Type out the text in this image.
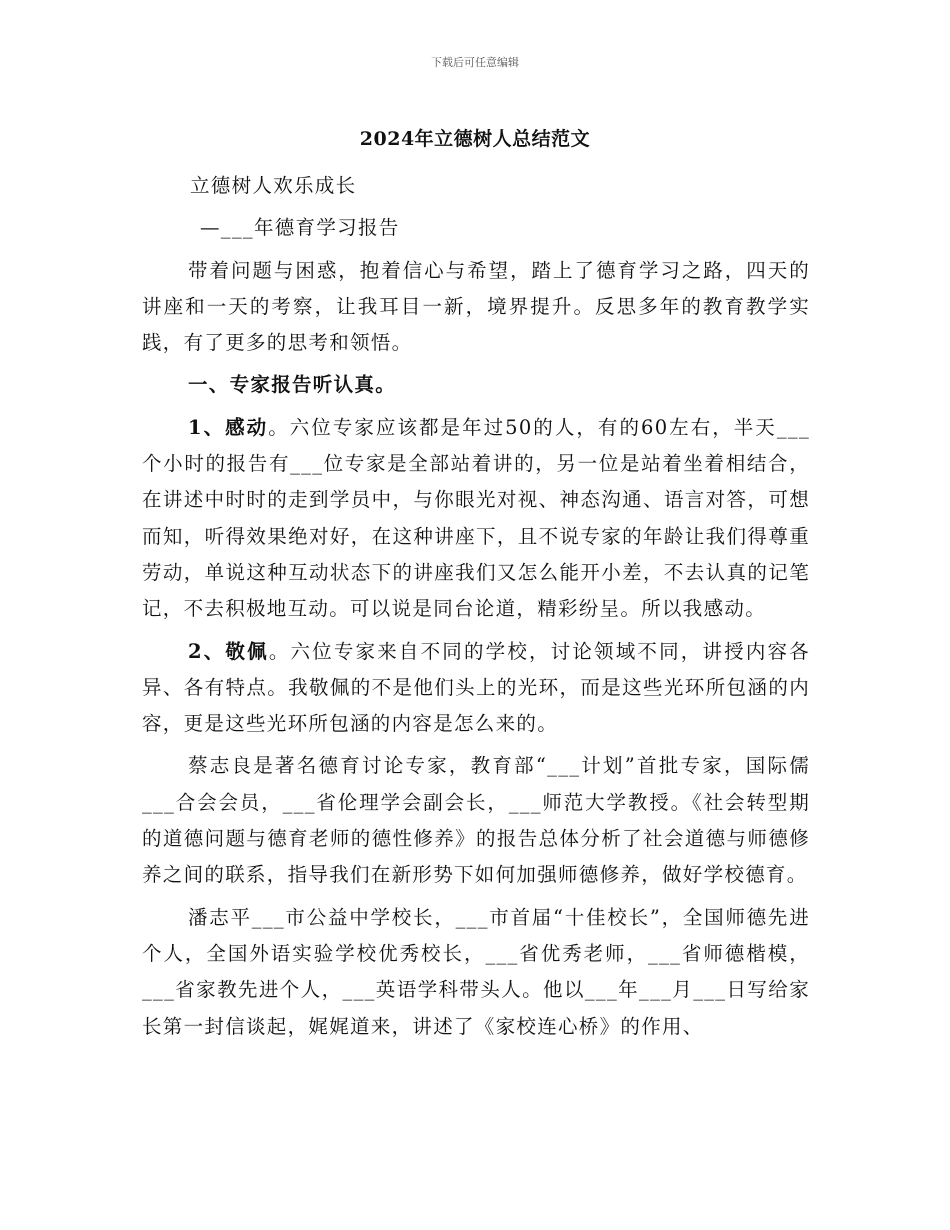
下载后可任意编辑
2024年立德树人总结范文
立德树人欢乐成长
—___年德育学习报告

带着问题与困惑，抱着信心与希望，踏上了德育学习之路，四天的讲座和一天的考察，让我耳目一新，境界提升。反思多年的教育教学实践，有了更多的思考和领悟。

一、专家报告听认真。

1、感动。六位专家应该都是年过50的人，有的60左右，半天___个小时的报告有___位专家是全部站着讲的，另一位是站着坐着相结合，在讲述中时时的走到学员中，与你眼光对视、神态沟通、语言对答，可想而知，听得效果绝对好，在这种讲座下，且不说专家的年龄让我们得尊重劳动，单说这种互动状态下的讲座我们又怎么能开小差，不去认真的记笔记，不去积极地互动。可以说是同台论道，精彩纷呈。所以我感动。

2、敬佩。六位专家来自不同的学校，讨论领域不同，讲授内容各异、各有特点。我敬佩的不是他们头上的光环，而是这些光环所包涵的内容，更是这些光环所包涵的内容是怎么来的。

蔡志良是著名德育讨论专家，教育部“___计划”首批专家，国际儒___合会会员，___省伦理学会副会长，___师范大学教授。《社会转型期的道德问题与德育老师的德性修养》的报告总体分析了社会道德与师德修养之间的联系，指导我们在新形势下如何加强师德修养，做好学校德育。

潘志平___市公益中学校长，___市首届“十佳校长”，全国师德先进个人，全国外语实验学校优秀校长，___省优秀老师，___省师德楷模，___省家教先进个人，___英语学科带头人。他以___年___月___日写给家长第一封信谈起，娓娓道来，讲述了《家校连心桥》的作用、
